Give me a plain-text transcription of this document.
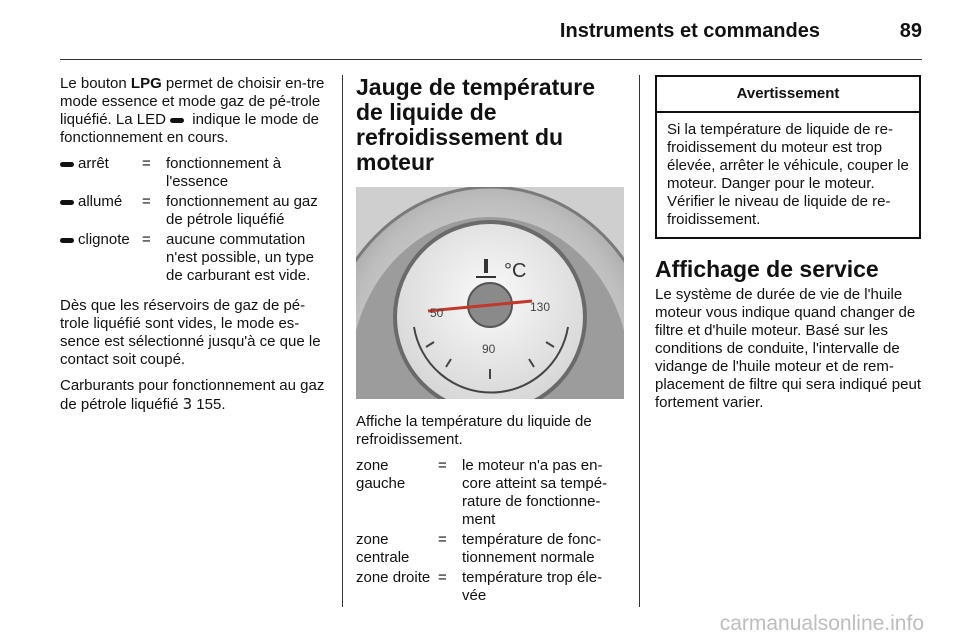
Instruments et commandes	89

Le bouton LPG permet de choisir en-tre mode essence et mode gaz de pé-trole liquéfié. La LED  indique le mode de fonctionnement en cours.

arrêt	=	fonctionnement à l'essence
allumé	=	fonctionnement au gaz de pétrole liquéfié
clignote =	aucune commutation n'est possible, un type de carburant est vide.

Dès que les réservoirs de gaz de pé-trole liquéfié sont vides, le mode es-sence est sélectionné jusqu'à ce que le contact soit coupé.

Carburants pour fonctionnement au gaz de pétrole liquéfié 3 155.

Jauge de température de liquide de refroidissement du moteur
50
90
130
°C

Affiche la température du liquide de refroidissement.

zone gauche
=	le moteur n'a pas en-core atteint sa tempé-rature de fonctionne-ment
zone centrale
=	température de fonc-tionnement normale
zone droite =	température trop éle-vée
Avertissement
Si la température de liquide de re-froidissement du moteur est trop élevée, arrêter le véhicule, couper le moteur. Danger pour le moteur. Vérifier le niveau de liquide de re-froidissement.
Affichage de service

Le système de durée de vie de l'huile moteur vous indique quand changer de filtre et d'huile moteur. Basé sur les conditions de conduite, l'intervalle de vidange de l'huile moteur et de rem-placement de filtre qui sera indiqué peut fortement varier.

carmanualsonline.info
